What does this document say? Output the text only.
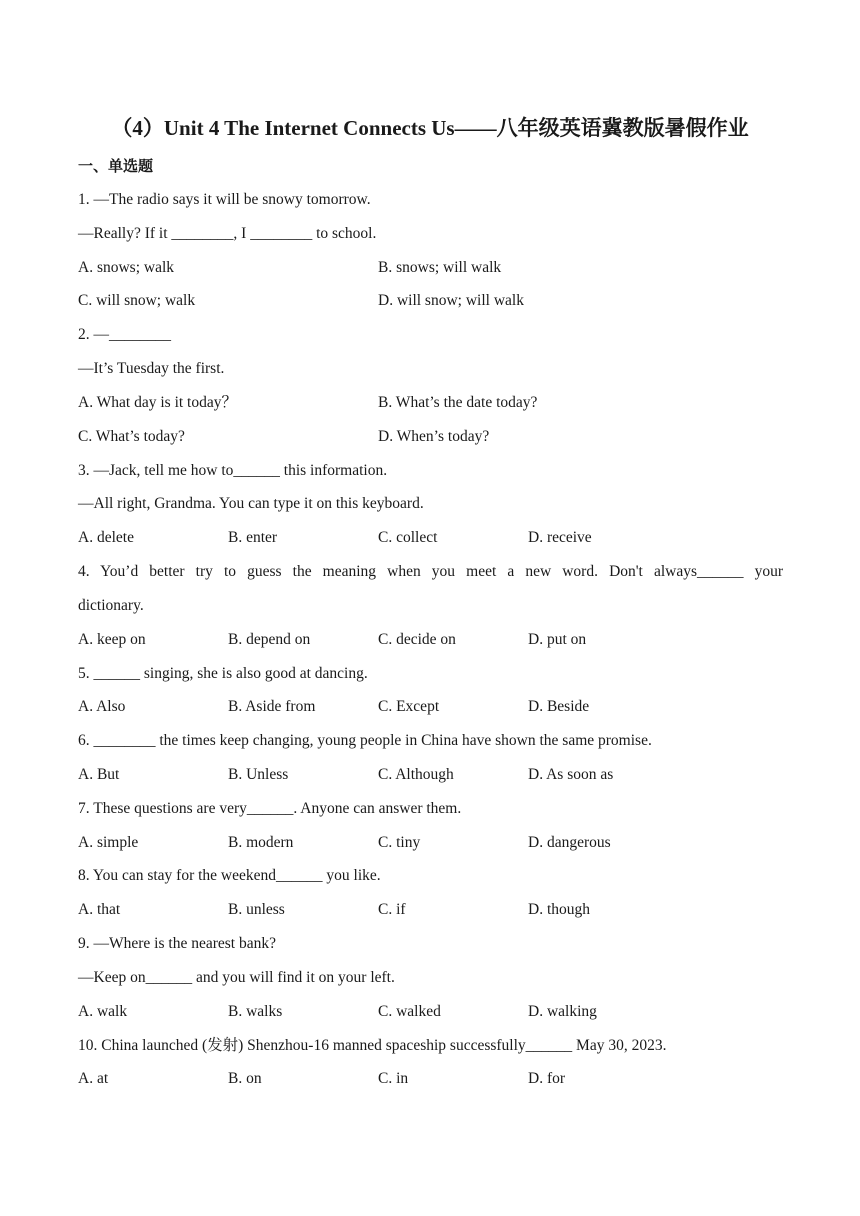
（4）Unit 4 The Internet Connects Us——八年级英语冀教版暑假作业
一、单选题
1. —The radio says it will be snowy tomorrow.
—Really? If it ________, I ________ to school.
A. snows; walk	B. snows; will walk
C. will snow; walk	D. will snow; will walk
2. —________
—It’s Tuesday the first.
A. What day is it today？	B. What’s the date today?
C. What’s today?	D. When’s today?
3. —Jack, tell me how to______ this information.
—All right, Grandma. You can type it on this keyboard.
A. delete	B. enter	C. collect	D. receive
4. You’d better try to guess the meaning when you meet a new word. Don't always______ your
dictionary.
A. keep on	B. depend on	C. decide on	D. put on
5. ______ singing, she is also good at dancing.
A. Also	B. Aside from	C. Except	D. Beside
6. ________ the times keep changing, young people in China have shown the same promise.
A. But	B. Unless	C. Although	D. As soon as
7. These questions are very______. Anyone can answer them.
A. simple	B. modern	C. tiny	D. dangerous
8. You can stay for the weekend______ you like.
A. that	B. unless	C. if	D. though
9. —Where is the nearest bank?
—Keep on______ and you will find it on your left.
A. walk	B. walks	C. walked	D. walking
10. China launched (发射) Shenzhou-16 manned spaceship successfully______ May 30, 2023.
A. at	B. on	C. in	D. for
